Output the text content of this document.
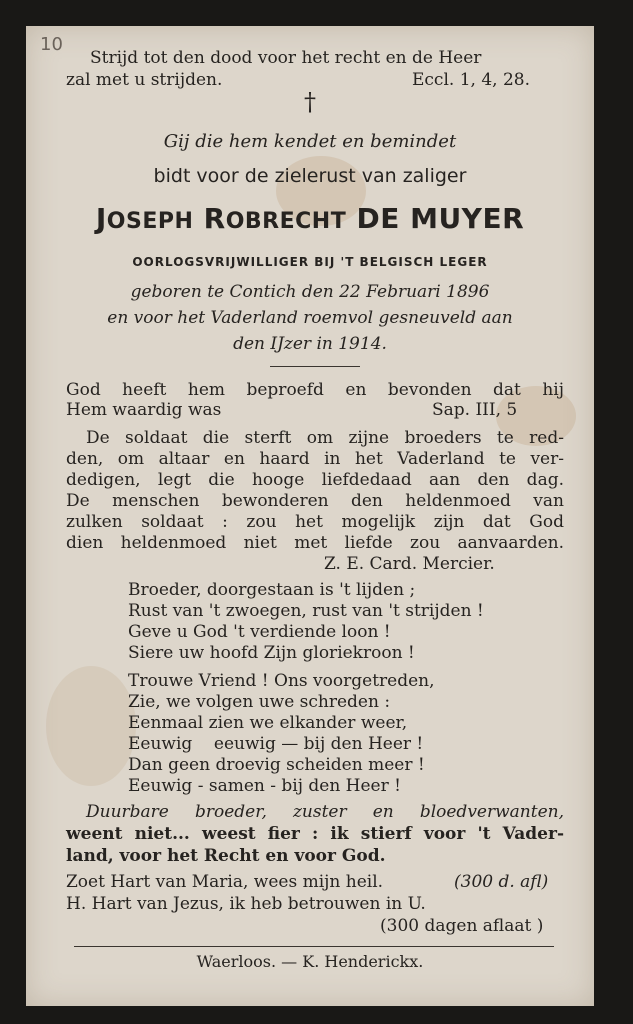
10
Strijd tot den dood voor het recht en de Heer
zal met u strijden.	Eccl. 1, 4, 28.
†
Gij die hem kendet en bemindet
bidt voor de zielerust van zaliger
JOSEPH ROBRECHT DE MUYER
OORLOGSVRIJWILLIGER BIJ 'T BELGISCH LEGER
geboren te Contich den 22 Februari 1896
en voor het Vaderland roemvol gesneuveld aan
den IJzer in 1914.
God heeft hem beproefd en bevonden dat hij
Hem waardig was	Sap. III, 5
De soldaat die sterft om zijne broeders te red-
den, om altaar en haard in het Vaderland te ver-
dedigen, legt die hooge liefdedaad aan den dag.
De menschen bewonderen den heldenmoed van
zulken soldaat : zou het mogelijk zijn dat God
dien heldenmoed niet met liefde zou aanvaarden.
Z. E. Card. Mercier.
Broeder, doorgestaan is 't lijden ;
Rust van 't zwoegen, rust van 't strijden !
Geve u God 't verdiende loon !
Siere uw hoofd Zijn gloriekroon !
Trouwe Vriend ! Ons voorgetreden,
Zie, we volgen uwe schreden :
Eenmaal zien we elkander weer,
Eeuwig    eeuwig — bij den Heer !
Dan geen droevig scheiden meer !
Eeuwig - samen - bij den Heer !
Duurbare broeder, zuster en bloedverwanten,
weent niet... weest fier : ik stierf voor 't Vader-
land, voor het Recht en voor God.
Zoet Hart van Maria, wees mijn heil.	(300 d. afl)
H. Hart van Jezus, ik heb betrouwen in U.
(300 dagen aflaat )
Waerloos. — K. Henderickx.
